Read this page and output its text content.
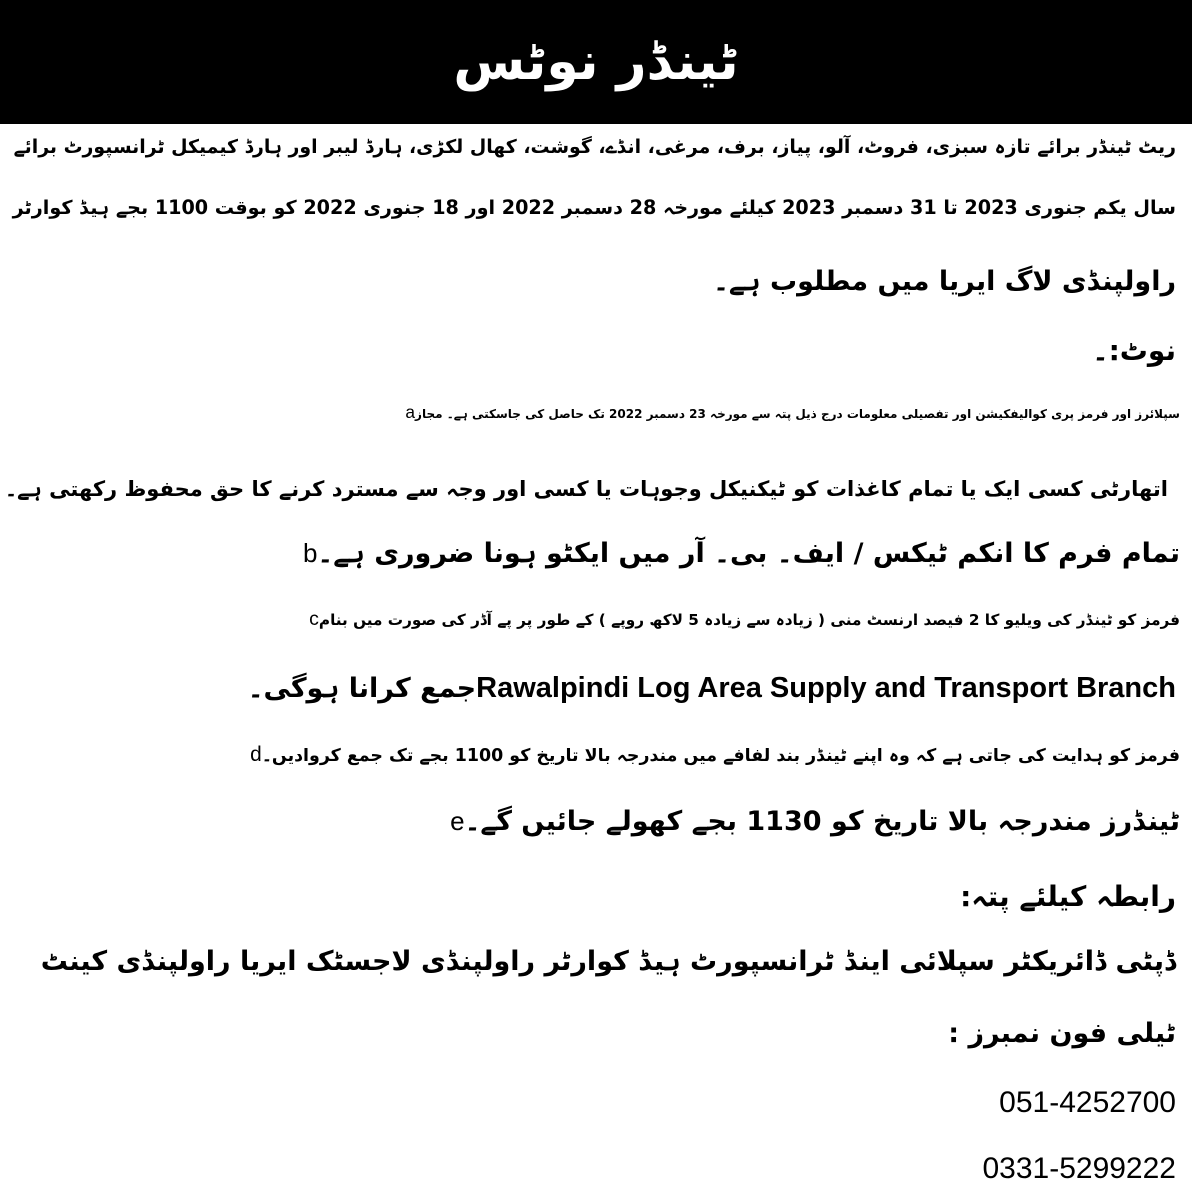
ٹینڈر نوٹس
ریٹ ٹینڈر برائے تازہ سبزی، فروٹ، آلو، پیاز، برف، مرغی، انڈے، گوشت، کھال لکڑی، ہارڈ لیبر اور ہارڈ کیمیکل ٹرانسپورٹ برائے
سال یکم جنوری 2023 تا 31 دسمبر 2023 کیلئے مورخہ 28 دسمبر 2022 اور 18 جنوری 2022 کو بوقت 1100 بجے ہیڈ کوارٹر
راولپنڈی لاگ ایریا میں مطلوب ہے۔
نوٹ:۔
aسپلائرز اور فرمز پری کوالیفکیشن اور تفصیلی معلومات درج ذیل پتہ سے مورخہ 23 دسمبر 2022 تک حاصل کی جاسکتی ہے۔ مجاز
اتھارٹی کسی ایک یا تمام کاغذات کو ٹیکنیکل وجوہات یا کسی اور وجہ سے مسترد کرنے کا حق محفوظ رکھتی ہے۔
bتمام فرم کا انکم ٹیکس / ایف۔ بی۔ آر میں ایکٹو ہونا ضروری ہے۔
cفرمز کو ٹینڈر کی ویلیو کا 2 فیصد ارنسٹ منی ( زیادہ سے زیادہ 5 لاکھ روپے ) کے طور پر پے آڈر کی صورت میں بنام
Rawalpindi Log Area Supply and Transport Branchجمع کرانا ہوگی۔
dفرمز کو ہدایت کی جاتی ہے کہ وہ اپنے ٹینڈر بند لفافے میں مندرجہ بالا تاریخ کو 1100 بجے تک جمع کروادیں۔
eٹینڈرز مندرجہ بالا تاریخ کو 1130 بجے کھولے جائیں گے۔
رابطہ کیلئے پتہ:
ڈپٹی ڈائریکٹر سپلائی اینڈ ٹرانسپورٹ ہیڈ کوارٹر راولپنڈی لاجسٹک ایریا راولپنڈی کینٹ
ٹیلی فون نمبرز :
051-4252700
0331-5299222
